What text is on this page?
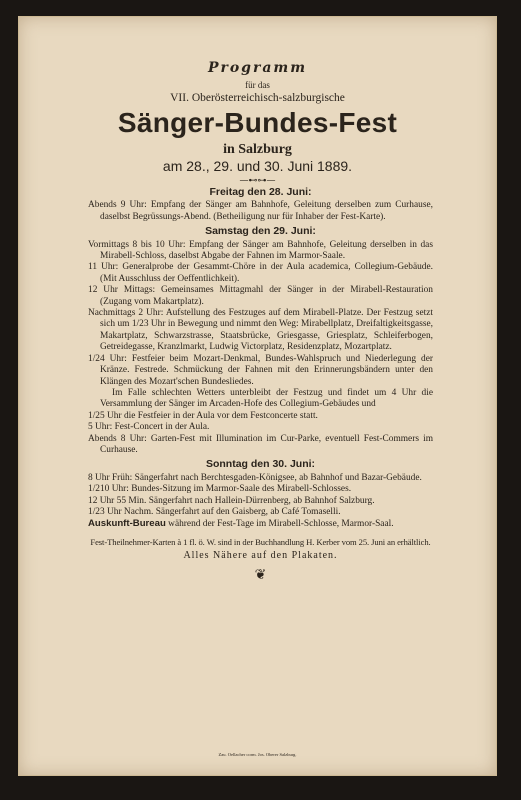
Programm
für das
VII. Oberösterreichisch-salzburgische
Sänger-Bundes-Fest
in Salzburg
am 28., 29. und 30. Juni 1889.
—⊷⊶—
Freitag den 28. Juni:

Abends 9 Uhr: Empfang der Sänger am Bahnhofe, Geleitung derselben zum Curhause, daselbst Begrüssungs-Abend. (Betheiligung nur für Inhaber der Fest-Karte).

Samstag den 29. Juni:

Vormittags 8 bis 10 Uhr: Empfang der Sänger am Bahnhofe, Geleitung derselben in das Mirabell-Schloss, daselbst Abgabe der Fahnen im Marmor-Saale.

11 Uhr: Generalprobe der Gesammt-Chöre in der Aula academica, Collegium-Gebäude. (Mit Ausschluss der Oeffentlichkeit).

12 Uhr Mittags: Gemeinsames Mittagmahl der Sänger in der Mirabell-Restauration (Zugang vom Makartplatz).

Nachmittags 2 Uhr: Aufstellung des Festzuges auf dem Mirabell-Platze. Der Festzug setzt sich um 1/23 Uhr in Bewegung und nimmt den Weg: Mirabellplatz, Dreifaltigkeitsgasse, Makartplatz, Schwarzstrasse, Staatsbrücke, Griesgasse, Griesplatz, Schleiferbogen, Getreidegasse, Kranzlmarkt, Ludwig Victorplatz, Residenzplatz, Mozartplatz.

1/24 Uhr: Festfeier beim Mozart-Denkmal, Bundes-Wahlspruch und Niederlegung der Kränze. Festrede. Schmückung der Fahnen mit den Erinnerungsbändern unter den Klängen des Mozart'schen Bundesliedes.

Im Falle schlechten Wetters unterbleibt der Festzug und findet um 4 Uhr die Versammlung der Sänger im Arcaden-Hofe des Collegium-Gebäudes und

1/25 Uhr die Festfeier in der Aula vor dem Festconcerte statt.

5 Uhr: Fest-Concert in der Aula.

Abends 8 Uhr: Garten-Fest mit Illumination im Cur-Parke, eventuell Fest-Commers im Curhause.

Sonntag den 30. Juni:

8 Uhr Früh: Sängerfahrt nach Berchtesgaden-Königsee, ab Bahnhof und Bazar-Gebäude.

1/210 Uhr: Bundes-Sitzung im Marmor-Saale des Mirabell-Schlosses.

12 Uhr 55 Min. Sängerfahrt nach Hallein-Dürrenberg, ab Bahnhof Salzburg.

1/23 Uhr Nachm. Sängerfahrt auf den Gaisberg, ab Café Tomaselli.

Auskunft-Bureau während der Fest-Tage im Mirabell-Schlosse, Marmor-Saal.

Fest-Theilnehmer-Karten à 1 fl. ö. W. sind in der Buchhandlung H. Kerber vom 25. Juni an erhältlich.
Alles Nähere auf den Plakaten.
❦
Zau. Oellacher corm. Jos. Oberer Salzburg.
